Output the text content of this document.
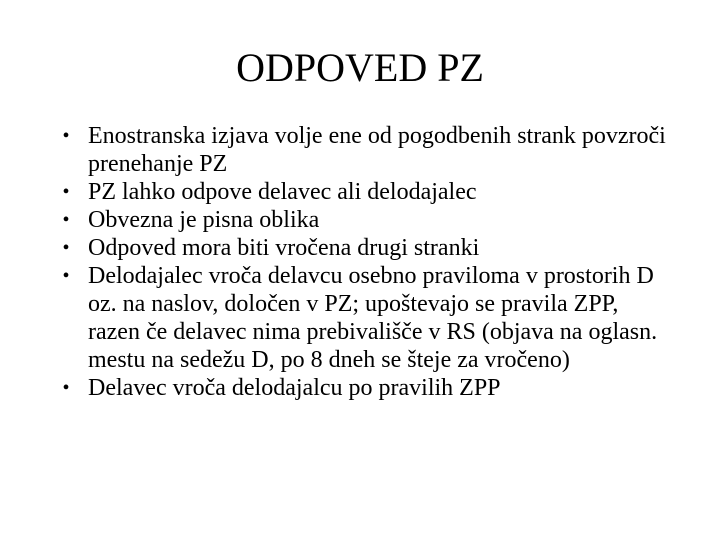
ODPOVED PZ
• Enostranska izjava volje ene od pogodbenih strank povzroči prenehanje PZ
• PZ lahko odpove delavec ali delodajalec
• Obvezna je pisna oblika
• Odpoved mora biti vročena drugi stranki
• Delodajalec vroča delavcu osebno praviloma v prostorih D oz. na naslov, določen v PZ; upoštevajo se pravila ZPP, razen če delavec nima prebivališče v RS (objava na oglasn. mestu na sedežu D, po 8 dneh se šteje za vročeno)
• Delavec vroča delodajalcu po pravilih ZPP
